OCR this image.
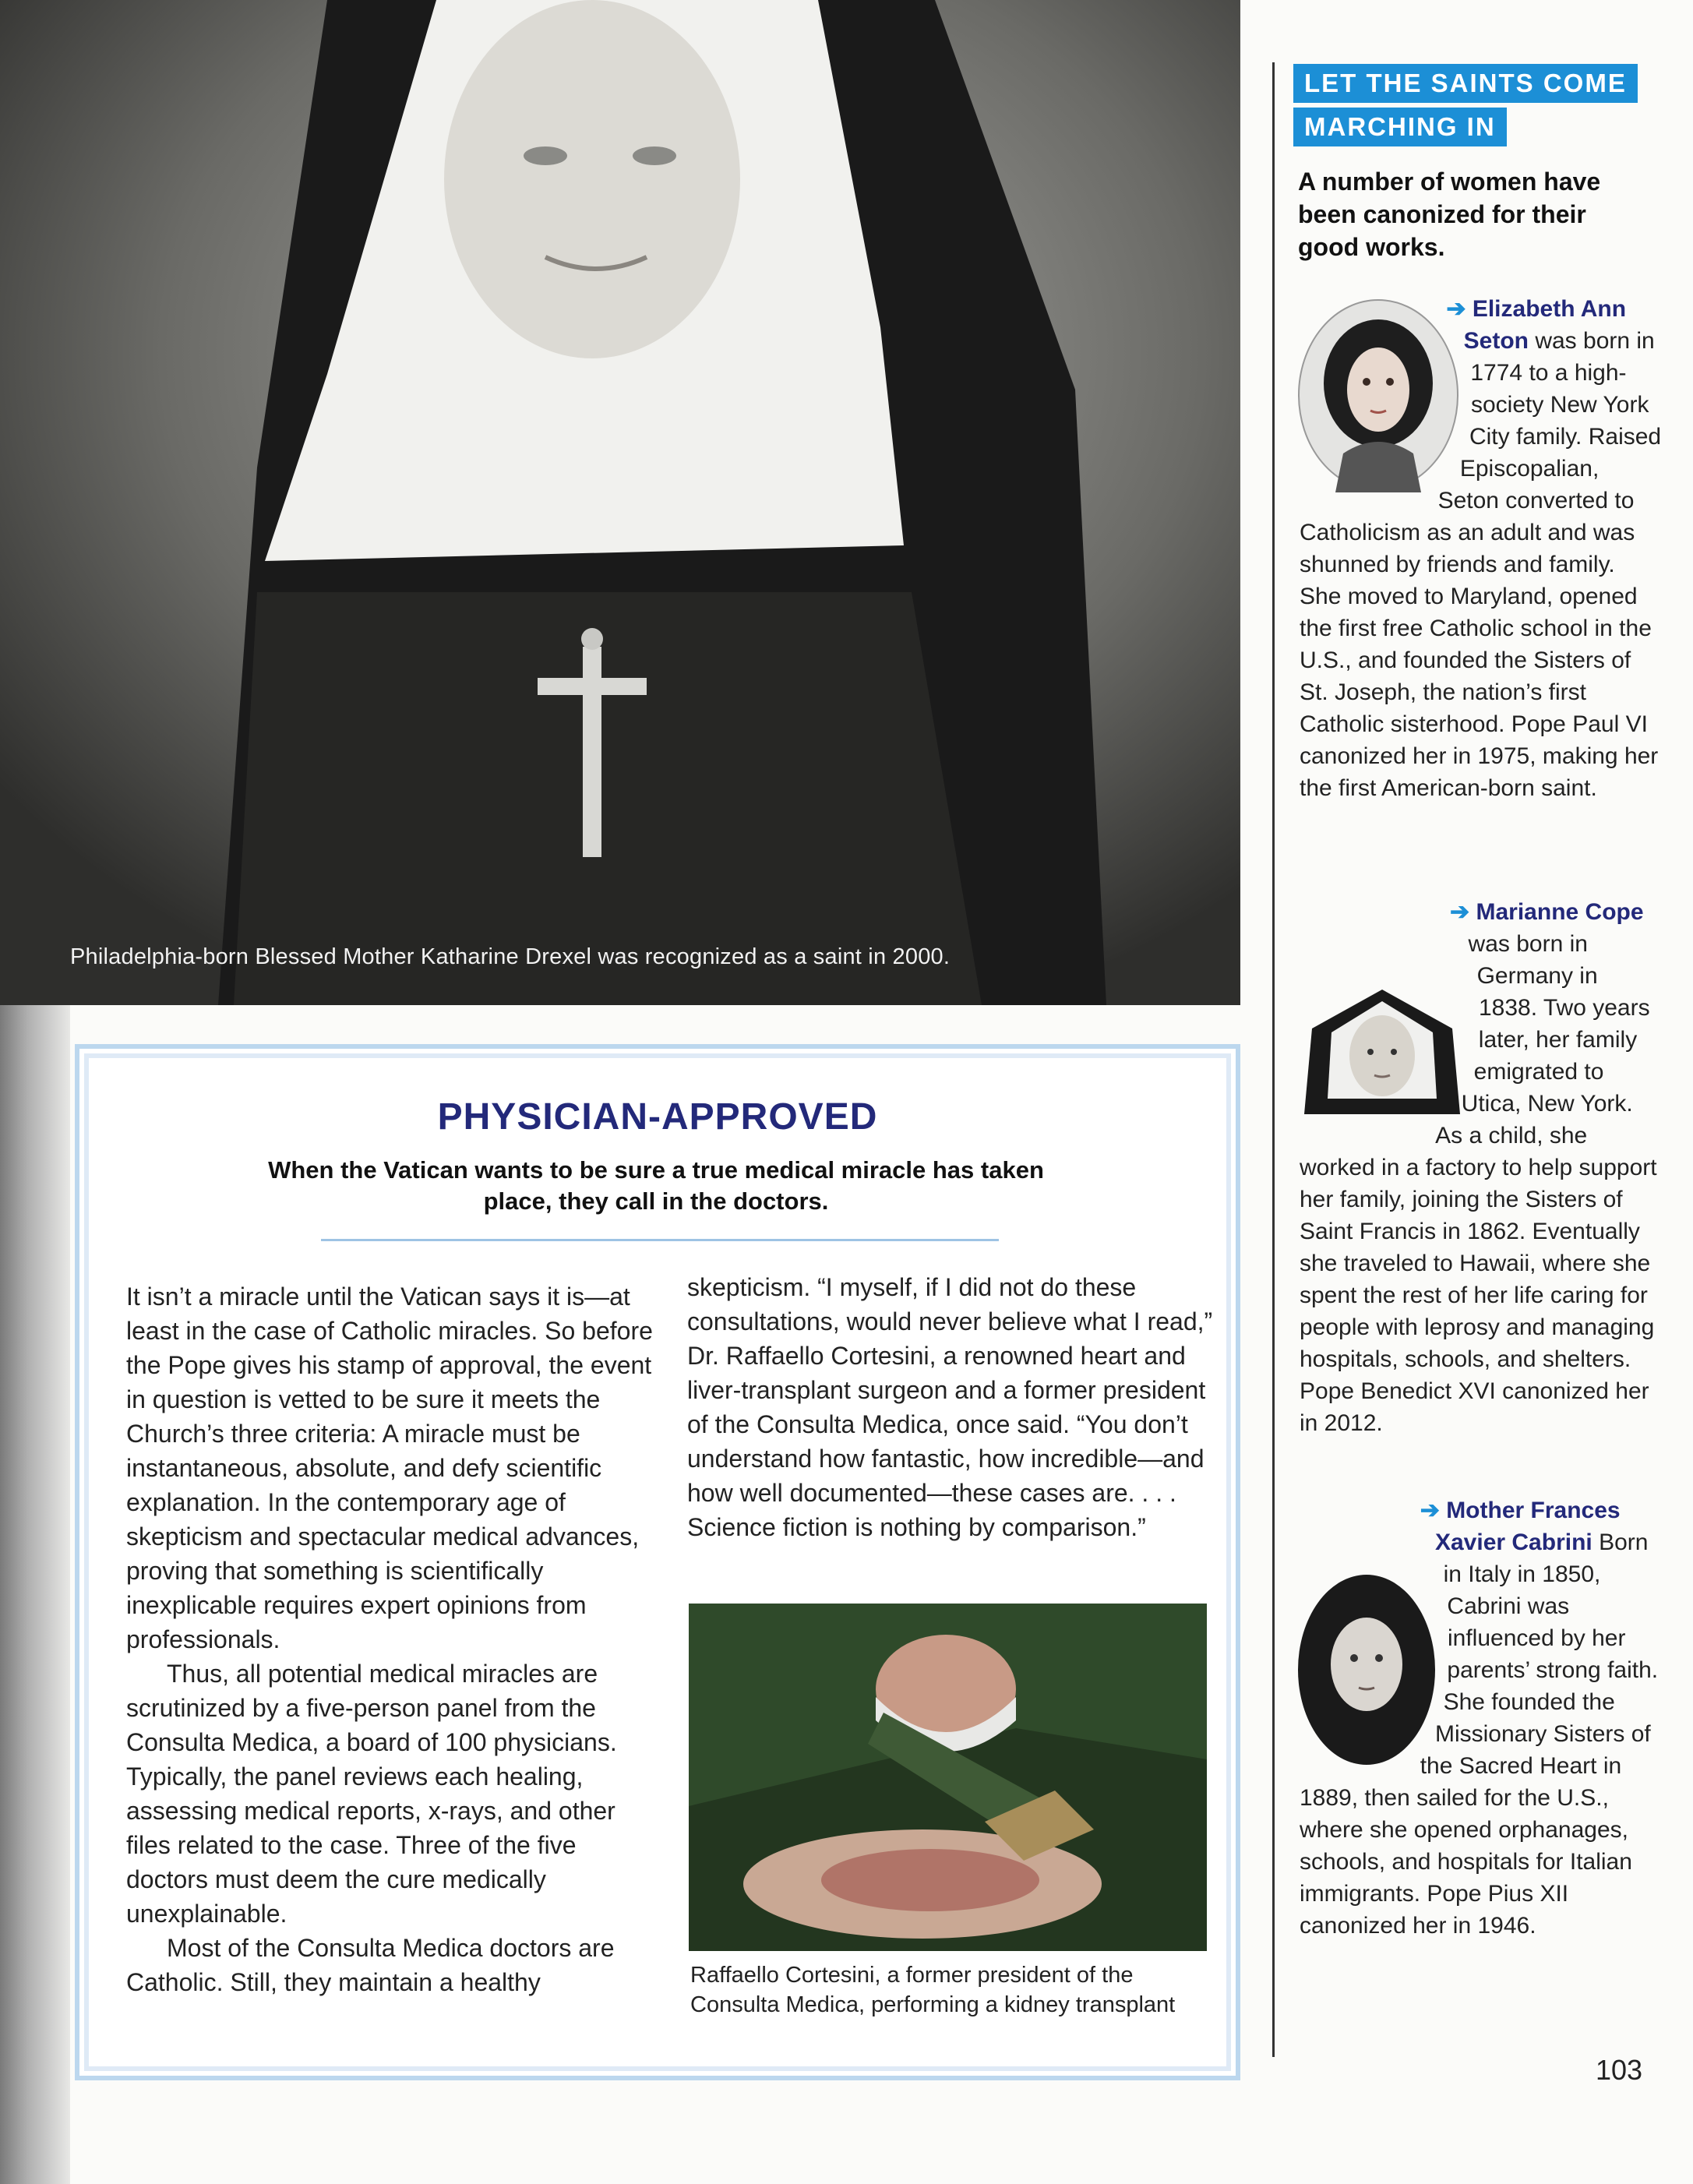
Philadelphia-born Blessed Mother Katharine Drexel was recognized as a saint in 2000.
PHYSICIAN-APPROVED
When the Vatican wants to be sure a true medical miracle has taken place, they call in the doctors.

It isn’t a miracle until the Vatican says it is—at least in the case of Catholic miracles. So before the Pope gives his stamp of approval, the event in question is vetted to be sure it meets the Church’s three criteria: A miracle must be instantaneous, absolute, and defy scientific explanation. In the contemporary age of skepticism and spectacular medical advances, proving that something is scientifically inexplicable requires expert opinions from professionals.

Thus, all potential medical miracles are scrutinized by a five-person panel from the Consulta Medica, a board of 100 physicians. Typically, the panel reviews each healing, assessing medical reports, x-rays, and other files related to the case. Three of the five doctors must deem the cure medically unexplainable.

Most of the Consulta Medica doctors are Catholic. Still, they maintain a healthy

skepticism. “I myself, if I did not do these consultations, would never believe what I read,” Dr. Raffaello Cortesini, a renowned heart and liver-transplant surgeon and a former president of the Consulta Medica, once said. “You don’t understand how fantastic, how incredible—and how well documented—these cases are. . . . Science fiction is nothing by comparison.”

Raffaello Cortesini, a former president of the Consulta Medica, performing a kidney transplant
LET THE SAINTS COME
MARCHING IN
A number of women have been canonized for their good works.

➔ Elizabeth Ann Seton was born in 1774 to a high-society New York City family. Raised Episcopalian, Seton converted to Catholicism as an adult and was shunned by friends and family. She moved to Maryland, opened the first free Catholic school in the U.S., and founded the Sisters of St. Joseph, the nation’s first Catholic sisterhood. Pope Paul VI canonized her in 1975, making her the first American-born saint.

➔ Marianne Cope was born in Germany in 1838. Two years later, her family emigrated to Utica, New York. As a child, she worked in a factory to help support her family, joining the Sisters of Saint Francis in 1862. Eventually she traveled to Hawaii, where she spent the rest of her life caring for people with leprosy and managing hospitals, schools, and shelters. Pope Benedict XVI canonized her in 2012.

➔ Mother Frances Xavier Cabrini Born in Italy in 1850, Cabrini was influenced by her parents’ strong faith. She founded the Missionary Sisters of the Sacred Heart in 1889, then sailed for the U.S., where she opened orphanages, schools, and hospitals for Italian immigrants. Pope Pius XII canonized her in 1946.

103
